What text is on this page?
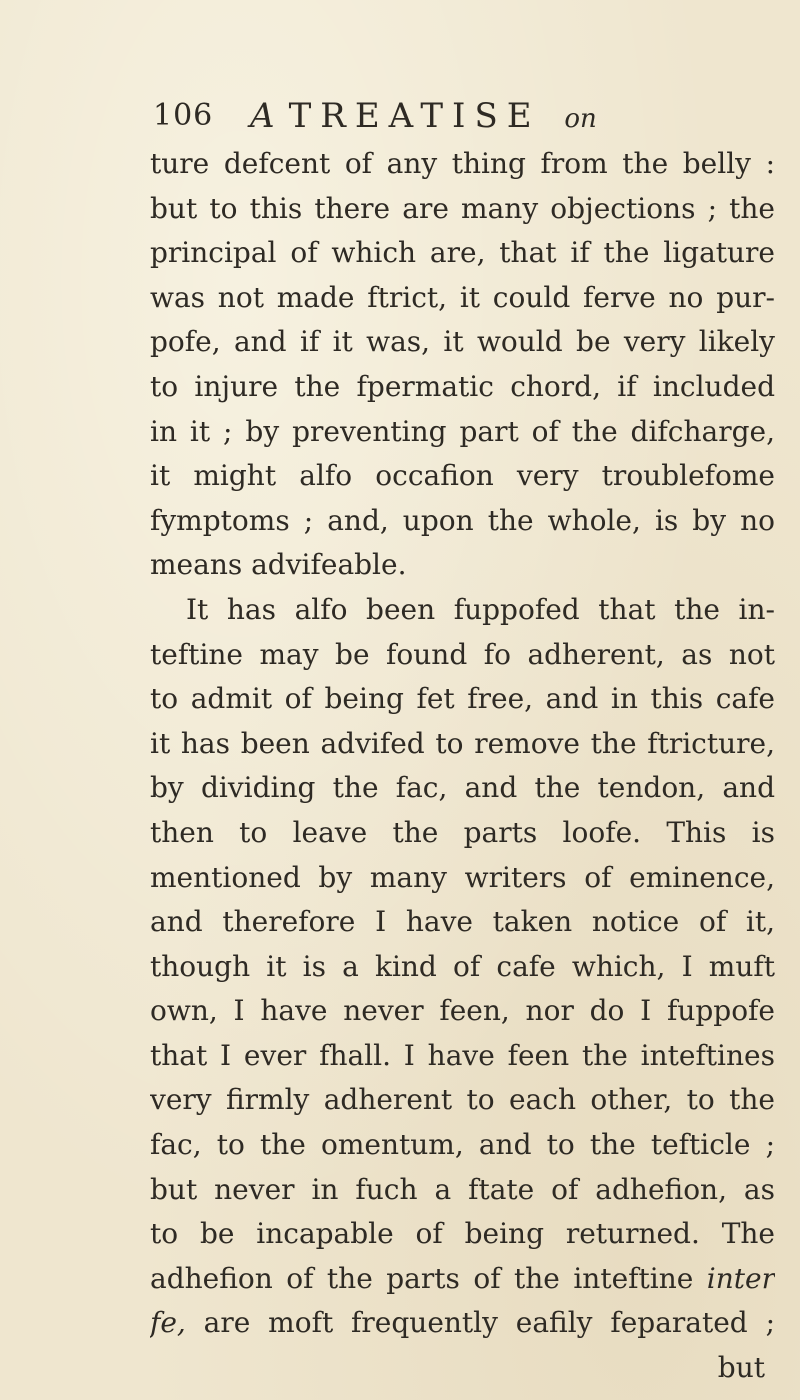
106 A TREATISE on
ture defcent of any thing from the belly :
but to this there are many objections ; the
principal of which are, that if the ligature
was not made ftrict, it could ferve no pur-
pofe, and if it was, it would be very likely
to injure the fpermatic chord, if included
in it ; by preventing part of the difcharge,
it might alfo occafion very troublefome
fymptoms ; and, upon the whole, is by no
means advifeable.
It has alfo been fuppofed that the in-
teftine may be found fo adherent, as not
to admit of being fet free, and in this cafe
it has been advifed to remove the ftricture,
by dividing the fac, and the tendon, and
then to leave the parts loofe. This is
mentioned by many writers of eminence,
and therefore I have taken notice of it,
though it is a kind of cafe which, I muft
own, I have never feen, nor do I fuppofe
that I ever fhall. I have feen the inteftines
very firmly adherent to each other, to the
fac, to the omentum, and to the tefticle ;
but never in fuch a ftate of adhefion, as
to be incapable of being returned. The
adhefion of the parts of the inteftine inter
fe, are moft frequently eafily feparated ;
but
